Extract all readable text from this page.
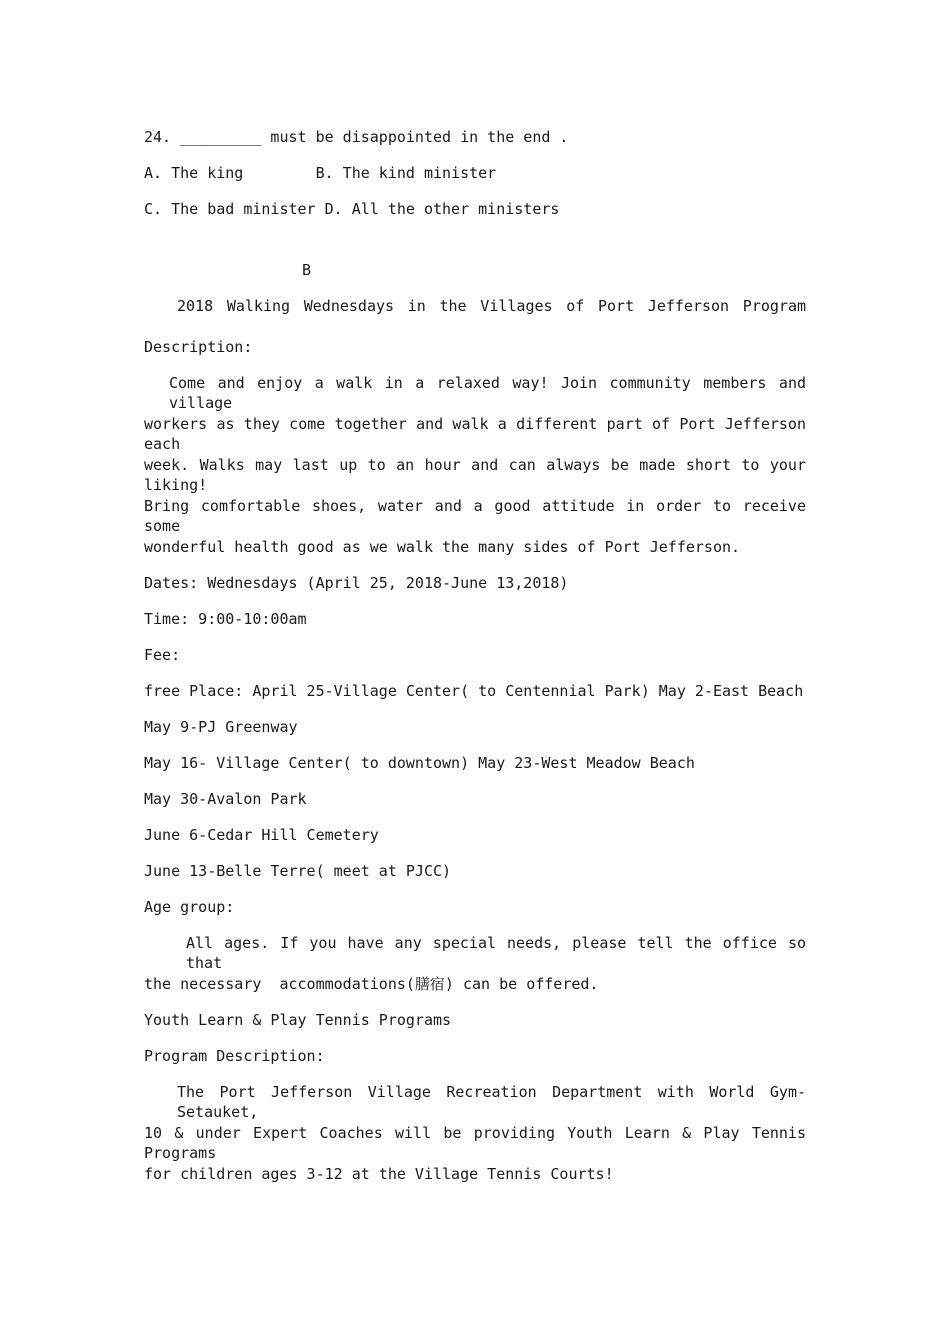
24. _________ must be disappointed in the end .
A. The king        B. The kind minister
C. The bad minister D. All the other ministers
B
2018 Walking Wednesdays in the Villages of Port Jefferson Program
Description:
Come and enjoy a walk in a relaxed way! Join community members and village
workers as they come together and walk a different part of Port Jefferson each
week. Walks may last up to an hour and can always be made short to your liking!
Bring comfortable shoes, water and a good attitude in order to receive some
wonderful health good as we walk the many sides of Port Jefferson.
Dates: Wednesdays (April 25, 2018-June 13,2018)
Time: 9:00-10:00am
Fee:
free Place: April 25-Village Center( to Centennial Park) May 2-East Beach
May 9-PJ Greenway
May 16- Village Center( to downtown) May 23-West Meadow Beach
May 30-Avalon Park
June 6-Cedar Hill Cemetery
June 13-Belle Terre( meet at PJCC)
Age group:
All ages. If you have any special needs, please tell the office so that
the necessary  accommodations(膳宿) can be offered.
Youth Learn & Play Tennis Programs
Program Description:
The Port Jefferson Village Recreation Department with World Gym-Setauket,
10 & under Expert Coaches will be providing Youth Learn & Play Tennis Programs
for children ages 3-12 at the Village Tennis Courts!
